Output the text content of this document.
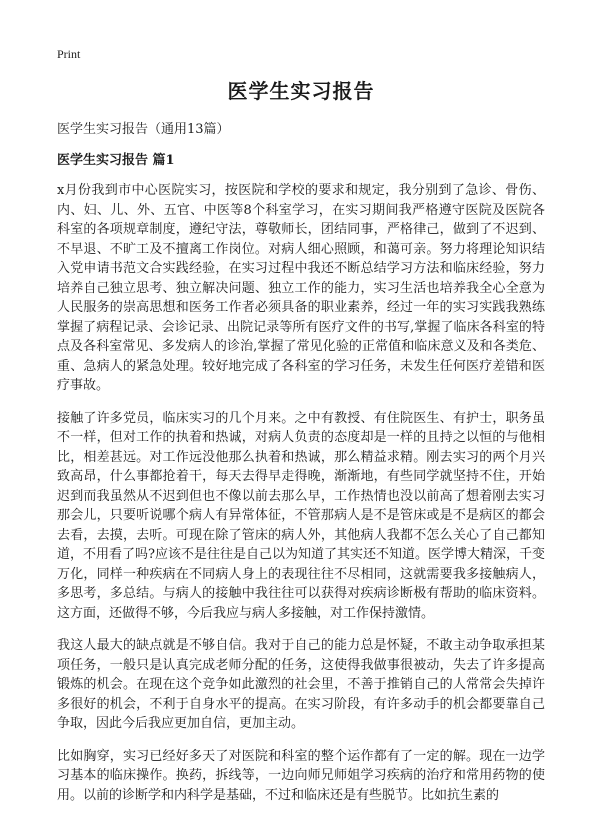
Print
医学生实习报告
医学生实习报告（通用13篇）
医学生实习报告 篇1

x月份我到市中心医院实习，按医院和学校的要求和规定，我分别到了急诊、骨伤、内、妇、儿、外、五官、中医等8个科室学习，在实习期间我严格遵守医院及医院各科室的各项规章制度，遵纪守法，尊敬师长，团结同事，严格律己，做到了不迟到、不早退、不旷工及不擅离工作岗位。对病人细心照顾，和蔼可亲。努力将理论知识结入党申请书范文合实践经验，在实习过程中我还不断总结学习方法和临床经验，努力培养自己独立思考、独立解决问题、独立工作的能力，实习生活也培养我全心全意为人民服务的崇高思想和医务工作者必须具备的职业素养，经过一年的实习实践我熟练掌握了病程记录、会诊记录、出院记录等所有医疗文件的书写,掌握了临床各科室的特点及各科室常见、多发病人的诊治,掌握了常见化验的正常值和临床意义及和各类危、重、急病人的紧急处理。较好地完成了各科室的学习任务，未发生任何医疗差错和医疗事故。

接触了许多党员，临床实习的几个月来。之中有教授、有住院医生、有护士，职务虽不一样，但对工作的执着和热诚，对病人负责的态度却是一样的且持之以恒的与他相比，相差甚远。对工作远没他那么执着和热诚，那么精益求精。刚去实习的两个月兴致高昂，什么事都抢着干，每天去得早走得晚，渐渐地，有些同学就坚持不住，开始迟到而我虽然从不迟到但也不像以前去那么早，工作热情也没以前高了想着刚去实习那会儿，只要听说哪个病人有异常体征，不管那病人是不是管床或是不是病区的都会去看，去摸，去听。可现在除了管床的病人外，其他病人我都不怎么关心了自己都知道，不用看了吗?应该不是往往是自己以为知道了其实还不知道。医学博大精深，千变万化，同样一种疾病在不同病人身上的表现往往不尽相同，这就需要我多接触病人，多思考，多总结。与病人的接触中我往往可以获得对疾病诊断极有帮助的临床资料。这方面，还做得不够，今后我应与病人多接触，对工作保持激情。

我这人最大的缺点就是不够自信。我对于自己的能力总是怀疑，不敢主动争取承担某项任务，一般只是认真完成老师分配的任务，这使得我做事很被动，失去了许多提高锻炼的机会。在现在这个竞争如此激烈的社会里，不善于推销自己的人常常会失掉许多很好的机会，不利于自身水平的提高。在实习阶段，有许多动手的机会都要靠自己争取，因此今后我应更加自信，更加主动。

比如胸穿，实习已经好多天了对医院和科室的整个运作都有了一定的解。现在一边学习基本的临床操作。换药，拆线等，一边向师兄师姐学习疾病的治疗和常用药物的使用。以前的诊断学和内科学是基础，不过和临床还是有些脱节。比如抗生素的
